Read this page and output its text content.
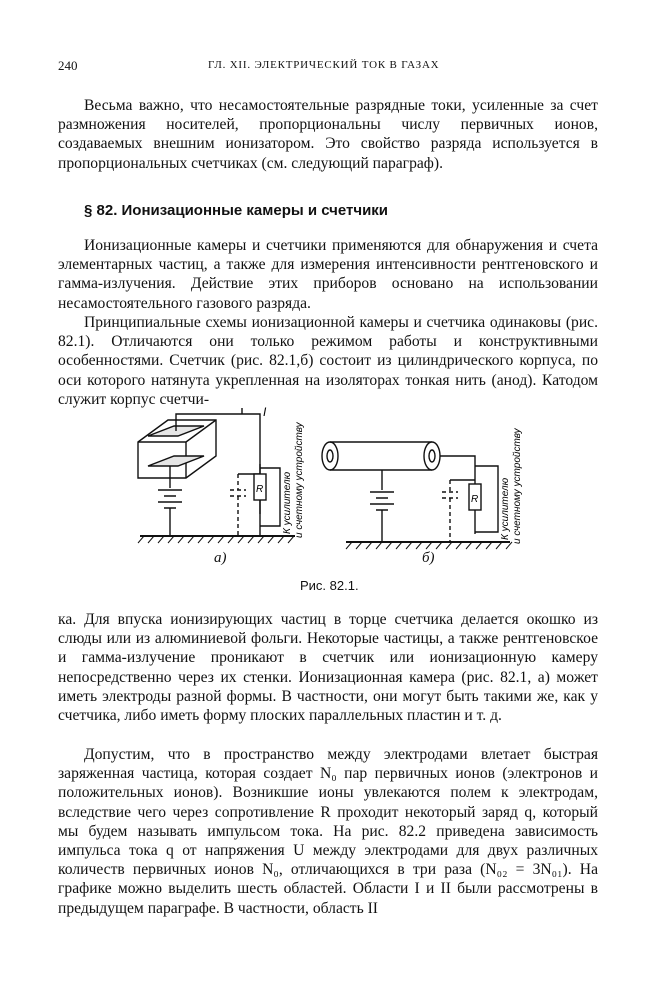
240	ГЛ. XII. ЭЛЕКТРИЧЕСКИЙ ТОК В ГАЗАХ

Весьма важно, что несамостоятельные разрядные токи, усиленные за счет размножения носителей, пропорциональны числу первичных ионов, создаваемых внешним ионизатором. Это свойство разряда используется в пропорциональных счетчиках (см. следующий параграф).

§ 82. Ионизационные камеры и счетчики

Ионизационные камеры и счетчики применяются для обнаружения и счета элементарных частиц, а также для измерения интенсивности рентгеновского и гамма-излучения. Действие этих приборов основано на использовании несамостоятельного газового разряда.

Принципиальные схемы ионизационной камеры и счетчика одинаковы (рис. 82.1). Отличаются они только режимом работы и конструктивными особенностями. Счетчик (рис. 82.1,б) состоит из цилиндрического корпуса, по оси которого натянута укрепленная на изоляторах тонкая нить (анод). Катодом служит корпус счетчи-

I
R
R
К усилителю и счетному устройству	К усилителю и счетному устройству
а)	б)
Рис. 82.1.

ка. Для впуска ионизирующих частиц в торце счетчика делается окошко из слюды или из алюминиевой фольги. Некоторые частицы, а также рентгеновское и гамма-излучение проникают в счетчик или ионизационную камеру непосредственно через их стенки. Ионизационная камера (рис. 82.1, а) может иметь электроды разной формы. В частности, они могут быть такими же, как у счетчика, либо иметь форму плоских параллельных пластин и т. д.

Допустим, что в пространство между электродами влетает быстрая заряженная частица, которая создает N₀ пар первичных ионов (электронов и положительных ионов). Возникшие ионы увлекаются полем к электродам, вследствие чего через сопротивление R проходит некоторый заряд q, который мы будем называть импульсом тока. На рис. 82.2 приведена зависимость импульса тока q от напряжения U между электродами для двух различных количеств первичных ионов N₀, отличающихся в три раза (N₀₂ = 3N₀₁). На графике можно выделить шесть областей. Области I и II были рассмотрены в предыдущем параграфе. В частности, область II
